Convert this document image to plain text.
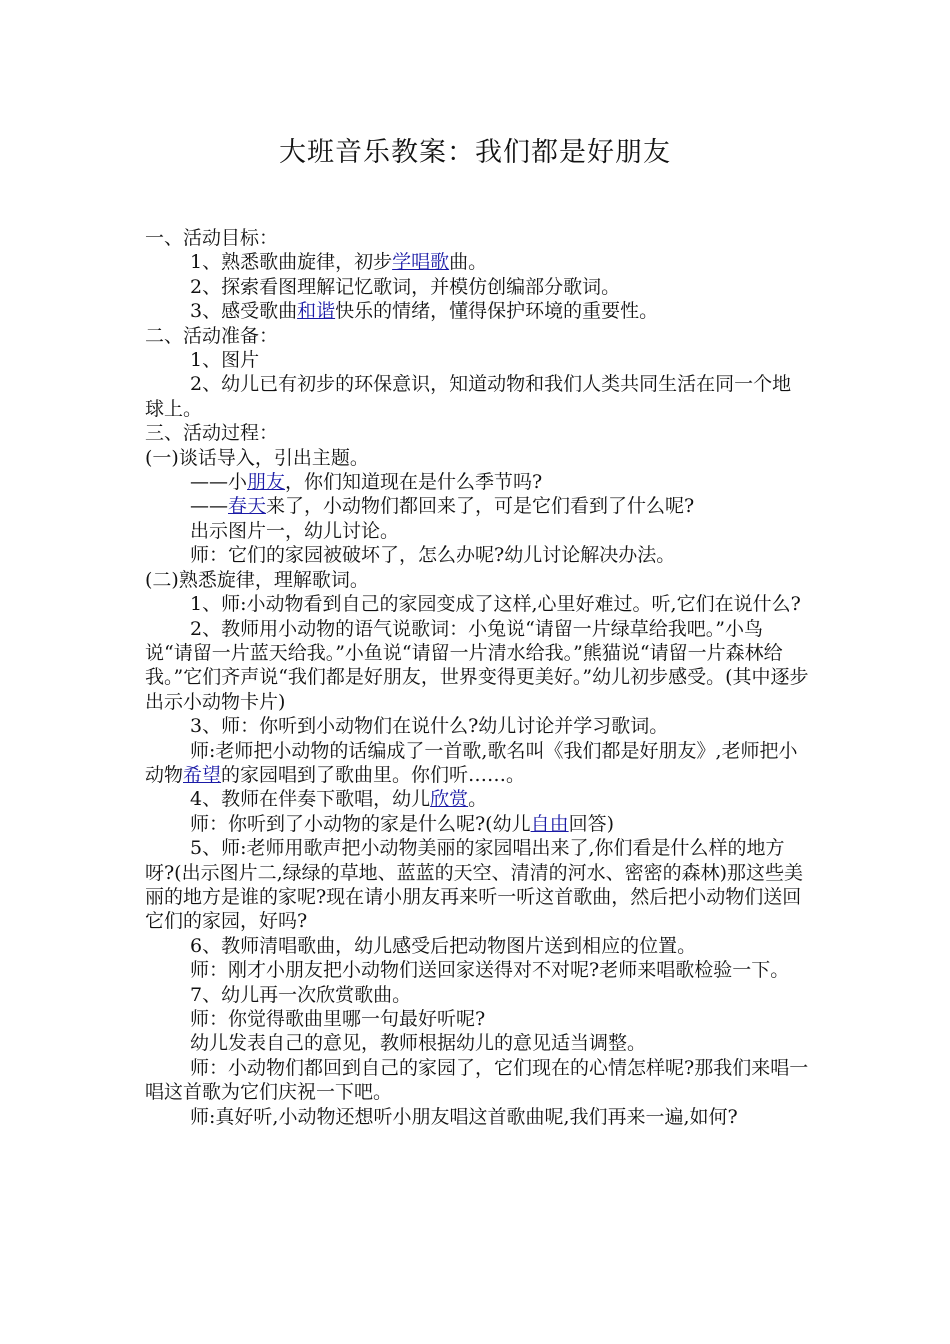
大班音乐教案：我们都是好朋友

一、活动目标：

1、熟悉歌曲旋律，初步学唱歌曲。

2、探索看图理解记忆歌词，并模仿创编部分歌词。

3、感受歌曲和谐快乐的情绪，懂得保护环境的重要性。

二、活动准备：

1、图片

2、幼儿已有初步的环保意识，知道动物和我们人类共同生活在同一个地球上。

三、活动过程：

(一)谈话导入，引出主题。

——小朋友，你们知道现在是什么季节吗?

——春天来了，小动物们都回来了，可是它们看到了什么呢?

出示图片一，幼儿讨论。

师：它们的家园被破坏了，怎么办呢?幼儿讨论解决办法。

(二)熟悉旋律，理解歌词。

1、师:小动物看到自己的家园变成了这样,心里好难过。听,它们在说什么?

2、教师用小动物的语气说歌词：小兔说“请留一片绿草给我吧。”小鸟说“请留一片蓝天给我。”小鱼说“请留一片清水给我。”熊猫说“请留一片森林给我。”它们齐声说“我们都是好朋友，世界变得更美好。”幼儿初步感受。(其中逐步出示小动物卡片)

3、师：你听到小动物们在说什么?幼儿讨论并学习歌词。

师:老师把小动物的话编成了一首歌,歌名叫《我们都是好朋友》,老师把小动物希望的家园唱到了歌曲里。你们听……。

4、教师在伴奏下歌唱，幼儿欣赏。

师：你听到了小动物的家是什么呢?(幼儿自由回答)

5、师:老师用歌声把小动物美丽的家园唱出来了,你们看是什么样的地方呀?(出示图片二,绿绿的草地、蓝蓝的天空、清清的河水、密密的森林)那这些美丽的地方是谁的家呢?现在请小朋友再来听一听这首歌曲，然后把小动物们送回它们的家园，好吗?

6、教师清唱歌曲，幼儿感受后把动物图片送到相应的位置。

师：刚才小朋友把小动物们送回家送得对不对呢?老师来唱歌检验一下。

7、幼儿再一次欣赏歌曲。

师：你觉得歌曲里哪一句最好听呢?

幼儿发表自己的意见，教师根据幼儿的意见适当调整。

师：小动物们都回到自己的家园了，它们现在的心情怎样呢?那我们来唱一唱这首歌为它们庆祝一下吧。

师:真好听,小动物还想听小朋友唱这首歌曲呢,我们再来一遍,如何?
